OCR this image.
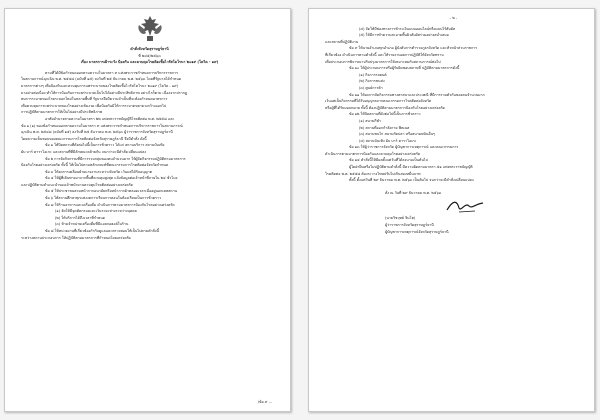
คำสั่งจังหวัดสุราษฎร์ธานี
ที่ ๒๔๕/๒๕๖๓
เรื่อง มาตรการเฝ้าระวัง ป้องกัน และควบคุมโรคติดเชื้อไวรัสโคโรนา ๒๐๑๙ (โควิด - ๑๙)
ตามที่ได้มีข้อกำหนดออกตามความในมาตรา ๙ แห่งพระราชกำหนดการบริหารราชการ
ในสถานการณ์ฉุกเฉิน พ.ศ. ๒๕๔๘ (ฉบับที่ ๑๕) ลงวันที่ ๒๕ ธันวาคม พ.ศ. ๒๕๖๓ โดยที่รัฐบาลได้กำหนด
มาตรการต่างๆ เพื่อป้องกันและควบคุมการแพร่ระบาดของโรคติดเชื้อไวรัสโคโรนา ๒๐๑๙ (โควิด - ๑๙)
มาอย่างต่อเนื่อง ทำให้การป้องกันการแพร่ระบาดเป็นไปได้อย่างมีประสิทธิภาพ อย่างไรก็ตาม เนื่องจากปรากฏ
พบการระบาดของโรคระลอกใหม่ในหลายพื้นที่ รัฐบาลจึงมีความจำเป็นที่จะต้องกำหนดมาตรการ
เพื่อควบคุมการแพร่ระบาดของโรคอย่างเข้มงวด เพื่อป้องกันมิให้การระบาดขยายวงกว้างออกไป
การปฏิบัติตามมาตรการให้เป็นไปอย่างมีประสิทธิภาพ
อาศัยอำนาจตามความในมาตรา ๒๒ แห่งพระราชบัญญัติโรคติดต่อ พ.ศ. ๒๕๕๘ และ
ข้อ ๑ (๑) ของข้อกำหนดออกตามความในมาตรา ๙ แห่งพระราชกำหนดการบริหารราชการในสถานการณ์
ฉุกเฉิน พ.ศ. ๒๕๔๘ (ฉบับที่ ๑๕) ลงวันที่ ๒๕ ธันวาคม พ.ศ. ๒๕๖๓ ผู้ว่าราชการจังหวัดสุราษฎร์ธานี
โดยความเห็นชอบของคณะกรรมการโรคติดต่อจังหวัดสุราษฎร์ธานี จึงมีคำสั่ง ดังนี้
ข้อ ๑ ให้ปิดสถานที่ดังต่อไปนี้เป็นการชั่วคราว ได้แก่ สถานบริการ สถานบันเทิง
ผับ บาร์ คาราโอเกะ และสถานที่ที่มีลักษณะคล้ายกัน จนกว่าจะมีคำสั่งเปลี่ยนแปลง
ข้อ ๒ การจัดกิจกรรมที่มีการรวมกลุ่มของคนจำนวนมาก ให้ผู้จัดกิจกรรมปฏิบัติตามมาตรการ
ป้องกันโรคอย่างเคร่งครัด ทั้งนี้ ให้เป็นไปตามหลักเกณฑ์ที่คณะกรรมการโรคติดต่อจังหวัดกำหนด
ข้อ ๓ ให้งดการเคลื่อนย้ายแรงงานระหว่างจังหวัด เว้นแต่ได้รับอนุญาต
ข้อ ๔ ให้ผู้ที่เดินทางมาจากพื้นที่ควบคุมสูงสุด แจ้งข้อมูลต่อเจ้าหน้าที่ภายใน ๒๔ ชั่วโมง
และปฏิบัติตามคำแนะนำของเจ้าพนักงานควบคุมโรคติดต่ออย่างเคร่งครัด
ข้อ ๕ ให้ประชาชนสวมหน้ากากอนามัยหรือหน้ากากผ้าตลอดเวลาเมื่ออยู่นอกเคหสถาน
ข้อ ๖ ให้สถานศึกษาทุกแห่งงดการเรียนการสอนในห้องเรียนเป็นการชั่วคราว
ข้อ ๗ ให้ร้านอาหารและเครื่องดื่ม ดำเนินการตามมาตรการป้องกันโรคอย่างเคร่งครัด
(๑) จัดให้มีจุดคัดกรองและเว้นระยะห่างระหว่างบุคคล
(๒) ให้บริการได้ถึงเวลาที่กำหนด
(๓) ห้ามจำหน่ายเครื่องดื่มที่มีแอลกอฮอล์ในร้าน
ข้อ ๘ ให้หน่วยงานที่เกี่ยวข้องกำกับดูแลและตรวจสอบให้เป็นไปตามคำสั่งนี้
ระหว่างสถานประกอบการ ให้ปฏิบัติตามมาตรการที่กำหนดโดยเคร่งครัด
/ข้อ ๙ ...
- ๒ -
(๔) จัดให้มีช่องทางการชำระเงินแบบออนไลน์หรือแบบไร้สัมผัส
(๕) ให้มีการทำความสะอาดพื้นผิวสัมผัสร่วมอย่างสม่ำเสมอ
และสถานที่ปฏิบัติงาน
ข้อ ๙ ให้นายอำเภอทุกอำเภอ ผู้บังคับการตำรวจภูธรจังหวัด และหัวหน้าส่วนราชการ
ที่เกี่ยวข้อง ดำเนินการตามคำสั่งนี้ และให้รายงานผลการปฏิบัติให้จังหวัดทราบ
เพื่อประกอบการพิจารณาปรับปรุงมาตรการให้เหมาะสมกับสถานการณ์ต่อไป
ข้อ ๑๐ ให้ผู้ประกอบการหรือผู้รับผิดชอบสถานที่ ปฏิบัติตามมาตรการดังนี้
(๑) กิจการรถยนต์
(๒) กิจการขนส่ง
(๓) ศูนย์การค้า
ข้อ ๑๑ ให้งดการจัดกิจกรรมทางศาสนาและประเพณี ที่มีการรวมตัวกันของคนจำนวนมาก
เว้นแต่เป็นกิจกรรมที่ได้รับอนุญาตจากคณะกรรมการโรคติดต่อจังหวัด
หรือผู้ที่ได้รับมอบหมาย ทั้งนี้ ต้องปฏิบัติตามมาตรการป้องกันโรคอย่างเคร่งครัด
ข้อ ๑๒ ให้ปิดสถานที่ดังต่อไปนี้เป็นการชั่วคราว
(๑) สนามกีฬา
(๒) สถานที่ออกกำลังกาย ฟิตเนส
(๓) สนามชนไก่ สนามกัดปลา หรือสนามพนันอื่นๆ
(๔) สถานบันเทิง ผับ บาร์ คาราโอเกะ
ข้อ ๑๓ ให้ผู้ว่าราชการจังหวัด ผู้บัญชาการเหตุการณ์ และคณะกรรมการ
ดำเนินการตามมาตรการป้องกันและควบคุมโรคอย่างเคร่งครัด
ข้อ ๑๔ คำสั่งนี้ให้มีผลตั้งแต่วันที่ได้ลงนามเป็นต้นไป
ผู้ใดฝ่าฝืนหรือไม่ปฏิบัติตามคำสั่งนี้ มีความผิดตามมาตรา ๕๑ แห่งพระราชบัญญัติ
โรคติดต่อ พ.ศ. ๒๕๕๘ ต้องระวางโทษปรับไม่เกินสองหมื่นบาท
ทั้งนี้ ตั้งแต่วันที่ ๒๙ ธันวาคม พ.ศ. ๒๕๖๓ เป็นต้นไป จนกว่าจะมีคำสั่งเปลี่ยนแปลง
สั่ง ณ วันที่ ๒๙ ธันวาคม พ.ศ. ๒๕๖๓
(นายวิชวุทย์ จินโต)
ผู้ว่าราชการจังหวัดสุราษฎร์ธานี
ผู้บัญชาการเหตุการณ์จังหวัดสุราษฎร์ธานี
